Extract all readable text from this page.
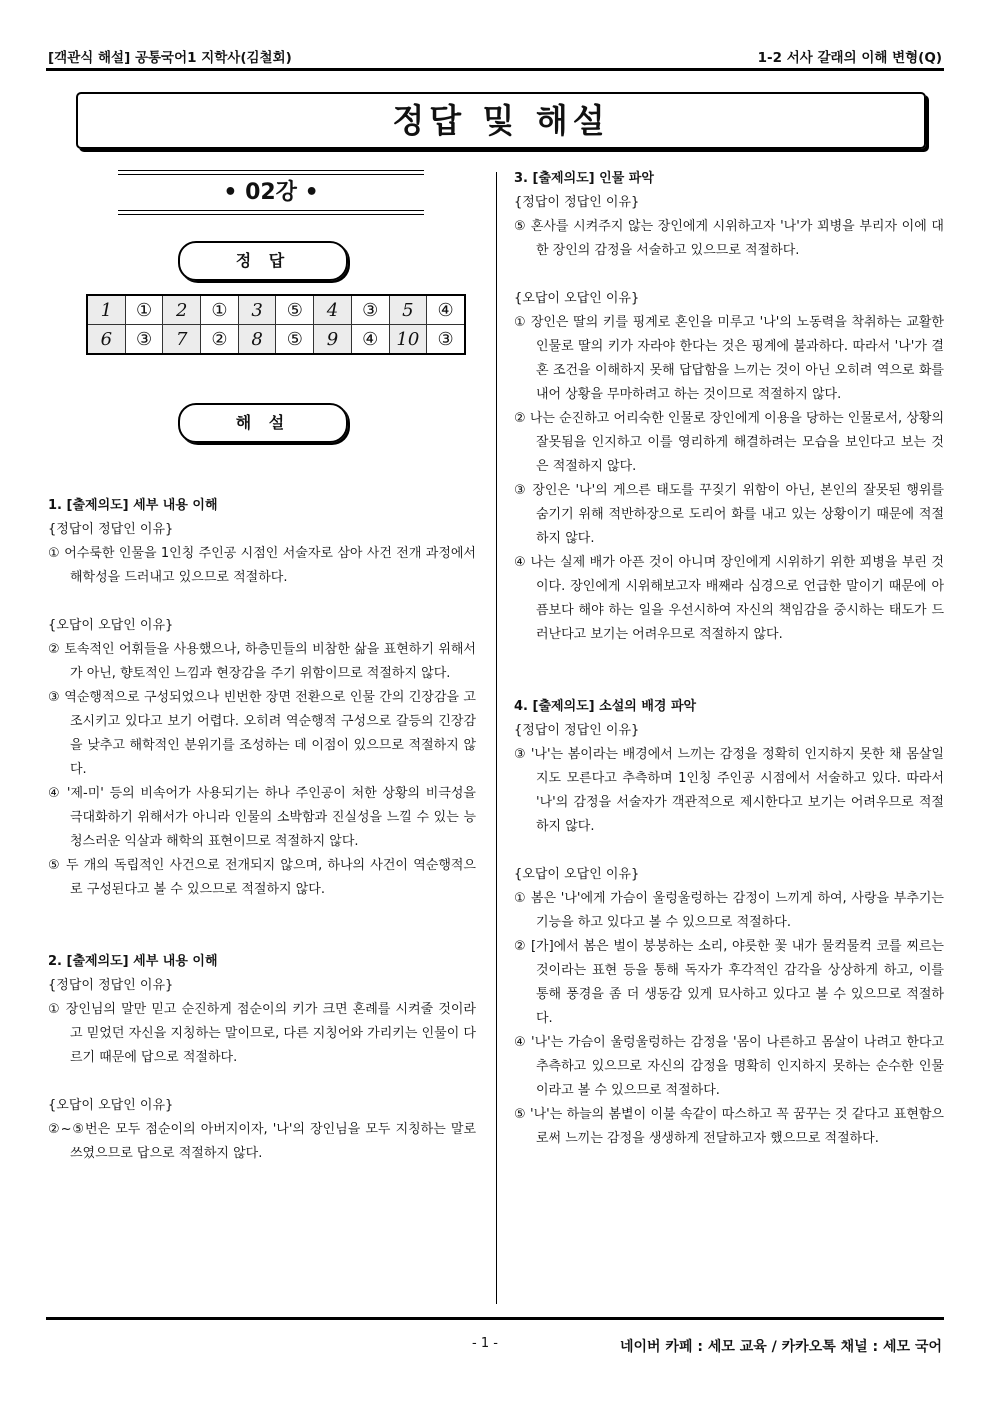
[객관식 해설] 공통국어1 지학사(김철회)	1-2 서사 갈래의 이해 변형(Q)
정답 및 해설
• 02강 •
정 답
1	①	2	①	3	⑤	4	③	5	④
6	③	7	②	8	⑤	9	④	10	③
해 설
1. [출제의도] 세부 내용 이해

{정답이 정답인 이유}

① 어수룩한 인물을 1인칭 주인공 시점인 서술자로 삼아 사건 전개 과정에서 해학성을 드러내고 있으므로 적절하다.

{오답이 오답인 이유}

② 토속적인 어휘들을 사용했으나, 하층민들의 비참한 삶을 표현하기 위해서가 아닌, 향토적인 느낌과 현장감을 주기 위함이므로 적절하지 않다.

③ 역순행적으로 구성되었으나 빈번한 장면 전환으로 인물 간의 긴장감을 고조시키고 있다고 보기 어렵다. 오히려 역순행적 구성으로 갈등의 긴장감을 낮추고 해학적인 분위기를 조성하는 데 이점이 있으므로 적절하지 않다.

④ '제-미' 등의 비속어가 사용되기는 하나 주인공이 처한 상황의 비극성을 극대화하기 위해서가 아니라 인물의 소박함과 진실성을 느낄 수 있는 능청스러운 익살과 해학의 표현이므로 적절하지 않다.

⑤ 두 개의 독립적인 사건으로 전개되지 않으며, 하나의 사건이 역순행적으로 구성된다고 볼 수 있으므로 적절하지 않다.

2. [출제의도] 세부 내용 이해

{정답이 정답인 이유}

① 장인님의 말만 믿고 순진하게 점순이의 키가 크면 혼례를 시켜줄 것이라고 믿었던 자신을 지칭하는 말이므로, 다른 지칭어와 가리키는 인물이 다르기 때문에 답으로 적절하다.

{오답이 오답인 이유}

②~⑤번은 모두 점순이의 아버지이자, '나'의 장인님을 모두 지칭하는 말로 쓰였으므로 답으로 적절하지 않다.

3. [출제의도] 인물 파악

{정답이 정답인 이유}

⑤ 혼사를 시켜주지 않는 장인에게 시위하고자 '나'가 꾀병을 부리자 이에 대한 장인의 감정을 서술하고 있으므로 적절하다.

{오답이 오답인 이유}

① 장인은 딸의 키를 핑계로 혼인을 미루고 '나'의 노동력을 착취하는 교활한 인물로 딸의 키가 자라야 한다는 것은 핑계에 불과하다. 따라서 '나'가 결혼 조건을 이해하지 못해 답답함을 느끼는 것이 아닌 오히려 역으로 화를 내어 상황을 무마하려고 하는 것이므로 적절하지 않다.

② 나는 순진하고 어리숙한 인물로 장인에게 이용을 당하는 인물로서, 상황의 잘못됨을 인지하고 이를 영리하게 해결하려는 모습을 보인다고 보는 것은 적절하지 않다.

③ 장인은 '나'의 게으른 태도를 꾸짖기 위함이 아닌, 본인의 잘못된 행위를 숨기기 위해 적반하장으로 도리어 화를 내고 있는 상황이기 때문에 적절하지 않다.

④ 나는 실제 배가 아픈 것이 아니며 장인에게 시위하기 위한 꾀병을 부린 것이다. 장인에게 시위해보고자 배째라 심경으로 언급한 말이기 때문에 아픔보다 해야 하는 일을 우선시하여 자신의 책임감을 중시하는 태도가 드러난다고 보기는 어려우므로 적절하지 않다.

4. [출제의도] 소설의 배경 파악

{정답이 정답인 이유}

③ '나'는 봄이라는 배경에서 느끼는 감정을 정확히 인지하지 못한 채 몸살일지도 모른다고 추측하며 1인칭 주인공 시점에서 서술하고 있다. 따라서 '나'의 감정을 서술자가 객관적으로 제시한다고 보기는 어려우므로 적절하지 않다.

{오답이 오답인 이유}

① 봄은 '나'에게 가슴이 울렁울렁하는 감정이 느끼게 하여, 사랑을 부추기는 기능을 하고 있다고 볼 수 있으므로 적절하다.

② [가]에서 봄은 벌이 붕붕하는 소리, 야릇한 꽃 내가 물컥물컥 코를 찌르는 것이라는 표현 등을 통해 독자가 후각적인 감각을 상상하게 하고, 이를 통해 풍경을 좀 더 생동감 있게 묘사하고 있다고 볼 수 있으므로 적절하다.

④ '나'는 가슴이 울렁울렁하는 감정을 '몸이 나른하고 몸살이 나려고 한다고 추측하고 있으므로 자신의 감정을 명확히 인지하지 못하는 순수한 인물이라고 볼 수 있으므로 적절하다.

⑤ '나'는 하늘의 봄볕이 이불 속같이 따스하고 꼭 꿈꾸는 것 같다고 표현함으로써 느끼는 감정을 생생하게 전달하고자 했으므로 적절하다.

- 1 -	네이버 카페 : 세모 교육 / 카카오톡 채널 : 세모 국어
